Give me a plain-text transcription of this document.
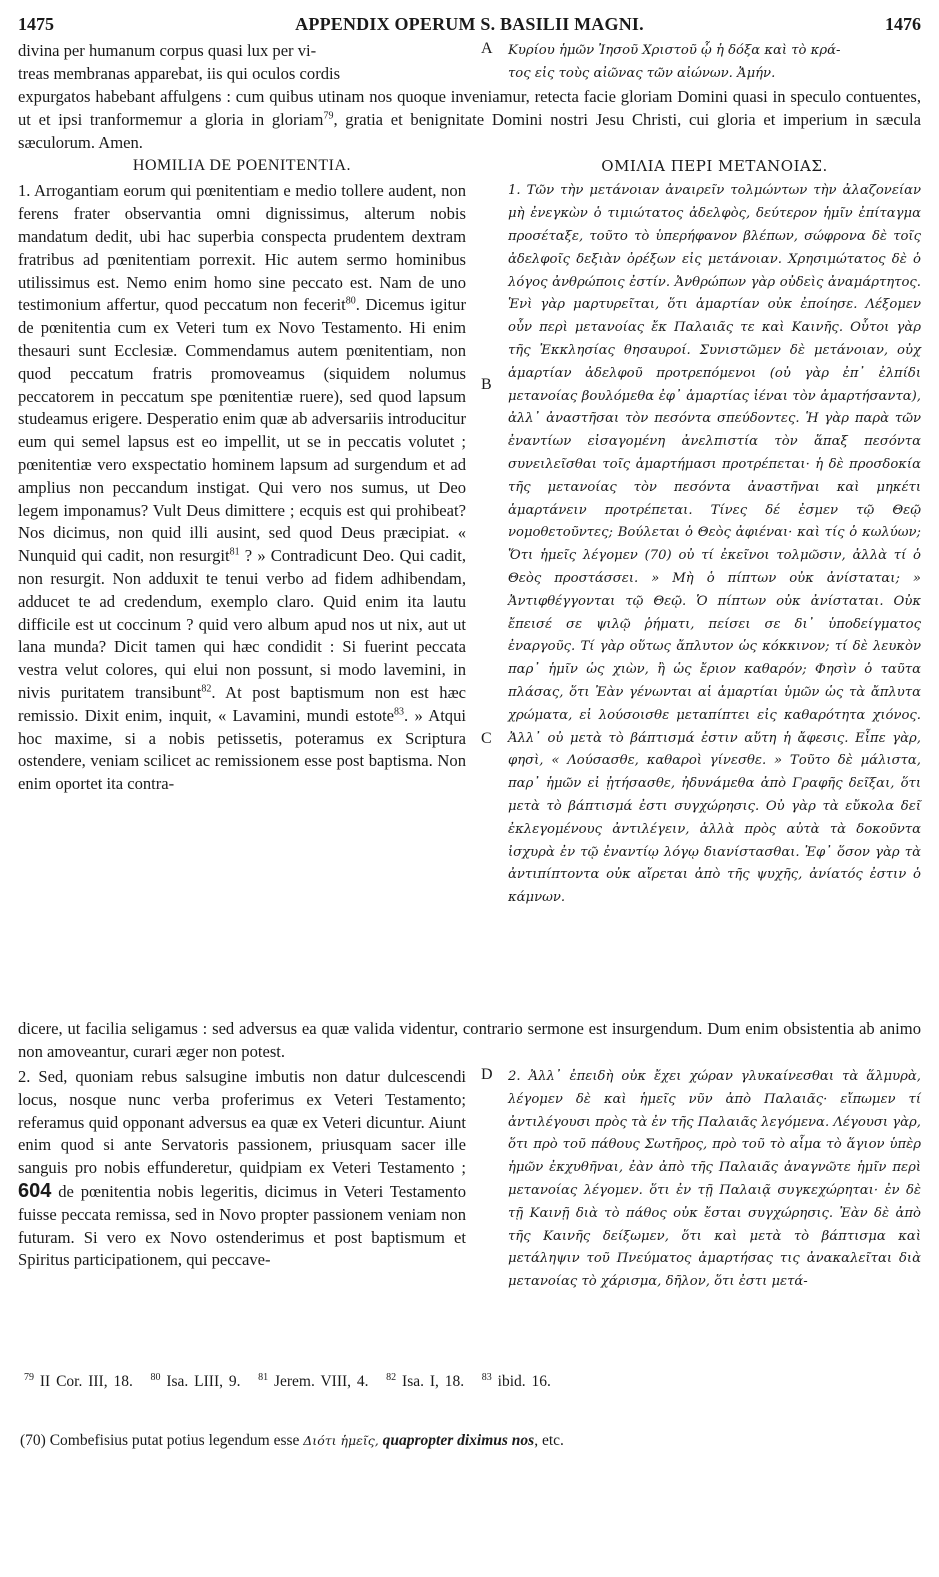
1475	APPENDIX OPERUM S. BASILII MAGNI.	1476
divina per humanum corpus quasi lux per vi-
treas membranas apparebat, iis qui oculos cordis
A Κυρίου ἡμῶν Ἰησοῦ Χριστοῦ ᾧ ἡ δόξα καὶ τὸ κρά-
τος εἰς τοὺς αἰῶνας τῶν αἰώνων. Ἀμήν.
expurgatos habebant affulgens : cum quibus utinam nos quoque inveniamur, retecta facie gloriam Domini quasi in speculo contuentes, ut et ipsi tranformemur a gloria in gloriam$^{79}$, gratia et benignitate Domini nostri Jesu Christi, cui gloria et imperium in sæcula sæculorum. Amen.
HOMILIA DE POENITENTIA.	ΟΜΙΛΙΑ ΠΕΡΙ ΜΕΤΑΝΟΙΑΣ.
1. Arrogantiam eorum qui pœnitentiam e medio tollere audent, non ferens frater observantia omni dignissimus, alterum nobis mandatum dedit, ubi hac superbia conspecta prudentem dextram fratribus ad pœnitentiam porrexit. Hic autem sermo hominibus utilissimus est. Nemo enim homo sine peccato est. Nam de uno testimonium affertur, quod peccatum non fecerit$^{80}$. Dicemus igitur de pœnitentia cum ex Veteri tum ex Novo Testamento. Hi enim thesauri sunt Ecclesiæ. Commendamus autem pœnitentiam, non quod peccatum fratris promoveamus (siquidem nolumus peccatorem in peccatum spe pœnitentiæ ruere), sed quod lapsum studeamus erigere. Desperatio enim quæ ab adversariis introducitur eum qui semel lapsus est eo impellit, ut se in peccatis volutet ; pœnitentiæ vero exspectatio hominem lapsum ad surgendum et ad amplius non peccandum instigat. Qui vero nos sumus, ut Deo legem imponamus? Vult Deus dimittere ; ecquis est qui prohibeat? Nos dicimus, non quid illi ausint, sed quod Deus præcipiat. « Nunquid qui cadit, non resurgit$^{81}$ ? » Contradicunt Deo. Qui cadit, non resurgit. Non adduxit te tenui verbo ad fidem adhibendam, adducet te ad credendum, exemplo claro. Quid enim ita lautu difficile est ut coccinum ? quid vero album apud nos ut nix, aut ut lana munda? Dicit tamen qui hæc condidit : Si fuerint peccata vestra velut colores, qui elui non possunt, si modo lavemini, in nivis puritatem transibunt$^{82}$. At post baptismum non est hæc remissio. Dixit enim, inquit, « Lavamini, mundi estote$^{83}$. » Atqui hoc maxime, si a nobis petissetis, poteramus ex Scriptura ostendere, veniam scilicet ac remissionem esse post baptisma. Non enim oportet ita contra-
B
C
1. Τῶν τὴν μετάνοιαν ἀναιρεῖν τολμώντων τὴν ἀλαζονείαν μὴ ἐνεγκὼν ὁ τιμιώτατος ἀδελφὸς, δεύτερον ἡμῖν ἐπίταγμα προσέταξε, τοῦτο τὸ ὑπερήφανον βλέπων, σώφρονα δὲ τοῖς ἀδελφοῖς δεξιὰν ὀρέξων εἰς μετάνοιαν. Χρησιμώτατος δὲ ὁ λόγος ἀνθρώποις ἐστίν. Ἀνθρώπων γὰρ οὐδεὶς ἀναμάρτητος. Ἑνὶ γὰρ μαρτυρεῖται, ὅτι ἁμαρτίαν οὐκ ἐποίησε. Λέξομεν οὖν περὶ μετανοίας ἔκ Παλαιᾶς τε καὶ Καινῆς. Οὗτοι γὰρ τῆς Ἐκκλησίας θησαυροί. Συνιστῶμεν δὲ μετάνοιαν, οὐχ ἁμαρτίαν ἀδελφοῦ προτρεπόμενοι (οὐ γὰρ ἐπ᾽ ἐλπίδι μετανοίας βουλόμεθα ἐφ᾽ ἁμαρτίας ἰέναι τὸν ἁμαρτήσαντα), ἀλλ᾽ ἀναστῆσαι τὸν πεσόντα σπεύδοντες. Ἡ γὰρ παρὰ τῶν ἐναντίων εἰσαγομένη ἀνελπιστία τὸν ἅπαξ πεσόντα συνειλεῖσθαι τοῖς ἁμαρτήμασι προτρέπεται· ἡ δὲ προσδοκία τῆς μετανοίας τὸν πεσόντα ἀναστῆναι καὶ μηκέτι ἁμαρτάνειν προτρέπεται. Τίνες δέ ἐσμεν τῷ Θεῷ νομοθετοῦντες; Βούλεται ὁ Θεὸς ἀφιέναι· καὶ τίς ὁ κωλύων; Ὅτι ἡμεῖς λέγομεν (70) οὐ τί ἐκεῖνοι τολμῶσιν, ἀλλὰ τί ὁ Θεὸς προστάσσει. » Μὴ ὁ πίπτων οὐκ ἀνίσταται; » Ἀντιφθέγγονται τῷ Θεῷ. Ὁ πίπτων οὐκ ἀνίσταται. Οὐκ ἔπεισέ σε ψιλῷ ῥήματι, πείσει σε δι᾽ ὑποδείγματος ἐναργοῦς. Τί γὰρ οὕτως ἄπλυτον ὡς κόκκινον; τί δὲ λευκὸν παρ᾽ ἡμῖν ὡς χιὼν, ἢ ὡς ἔριον καθαρόν; Φησὶν ὁ ταῦτα πλάσας, ὅτι Ἐὰν γένωνται αἱ ἁμαρτίαι ὑμῶν ὡς τὰ ἄπλυτα χρώματα, εἰ λούσοισθε μεταπίπτει εἰς καθαρότητα χιόνος. Ἀλλ᾽ οὐ μετὰ τὸ βάπτισμά ἐστιν αὕτη ἡ ἄφεσις. Εἶπε γὰρ, φησὶ, « Λούσασθε, καθαροὶ γίνεσθε. » Τοῦτο δὲ μάλιστα, παρ᾽ ἡμῶν εἰ ᾐτήσασθε, ἠδυνάμεθα ἀπὸ Γραφῆς δεῖξαι, ὅτι μετὰ τὸ βάπτισμά ἐστι συγχώρησις. Οὐ γὰρ τὰ εὔκολα δεῖ ἐκλεγομένους ἀντιλέγειν, ἀλλὰ πρὸς αὐτὰ τὰ δοκοῦντα ἰσχυρὰ ἐν τῷ ἐναντίῳ λόγῳ διανίστασθαι. Ἐφ᾽ ὅσον γὰρ τὰ ἀντιπίπτοντα οὐκ αἴρεται ἀπὸ τῆς ψυχῆς, ἀνίατός ἐστιν ὁ κάμνων.
dicere, ut facilia seligamus : sed adversus ea quæ valida videntur, contrario sermone est insurgendum. Dum enim obsistentia ab animo non amoveantur, curari æger non potest.
2. Sed, quoniam rebus salsugine imbutis non datur dulcescendi locus, nosque nunc verba proferimus ex Veteri Testamento; referamus quid opponant adversus ea quæ ex Veteri dicuntur. Aiunt enim quod si ante Servatoris passionem, priusquam sacer ille sanguis pro nobis effunderetur, quidpiam ex Veteri Testamento ; 604 de pœnitentia nobis legeritis, dicimus in Veteri Testamento fuisse peccata remissa, sed in Novo propter passionem veniam non futuram. Si vero ex Novo ostenderimus et post baptismum et Spiritus participationem, qui peccave-
D 2. Ἀλλ᾽ ἐπειδὴ οὐκ ἔχει χώραν γλυκαίνεσθαι τὰ ἅλμυρὰ, λέγομεν δὲ καὶ ἡμεῖς νῦν ἀπὸ Παλαιᾶς· εἴπωμεν τί ἀντιλέγουσι πρὸς τὰ ἐν τῆς Παλαιᾶς λεγόμενα. Λέγουσι γὰρ, ὅτι πρὸ τοῦ πάθους Σωτῆρος, πρὸ τοῦ τὸ αἷμα τὸ ἅγιον ὑπὲρ ἡμῶν ἐκχυθῆναι, ἐὰν ἀπὸ τῆς Παλαιᾶς ἀναγνῶτε ἡμῖν περὶ μετανοίας λέγομεν. ὅτι ἐν τῇ Παλαιᾷ συγκεχώρηται· ἐν δὲ τῇ Καινῇ διὰ τὸ πάθος οὐκ ἔσται συγχώρησις. Ἐὰν δὲ ἀπὸ τῆς Καινῆς δείξωμεν, ὅτι καὶ μετὰ τὸ βάπτισμα καὶ μετάληψιν τοῦ Πνεύματος ἁμαρτήσας τις ἀνακαλεῖται διὰ μετανοίας τὸ χάρισμα, δῆλον, ὅτι ἐστι μετά-
$^{79}$ II Cor. III, 18. $^{80}$ Isa. LIII, 9. $^{81}$ Jerem. VIII, 4. $^{82}$ Isa. I, 18. $^{83}$ ibid. 16.
(70) Combefisius putat potius legendum esse Διότι ἡμεῖς, quapropter diximus nos, etc.
